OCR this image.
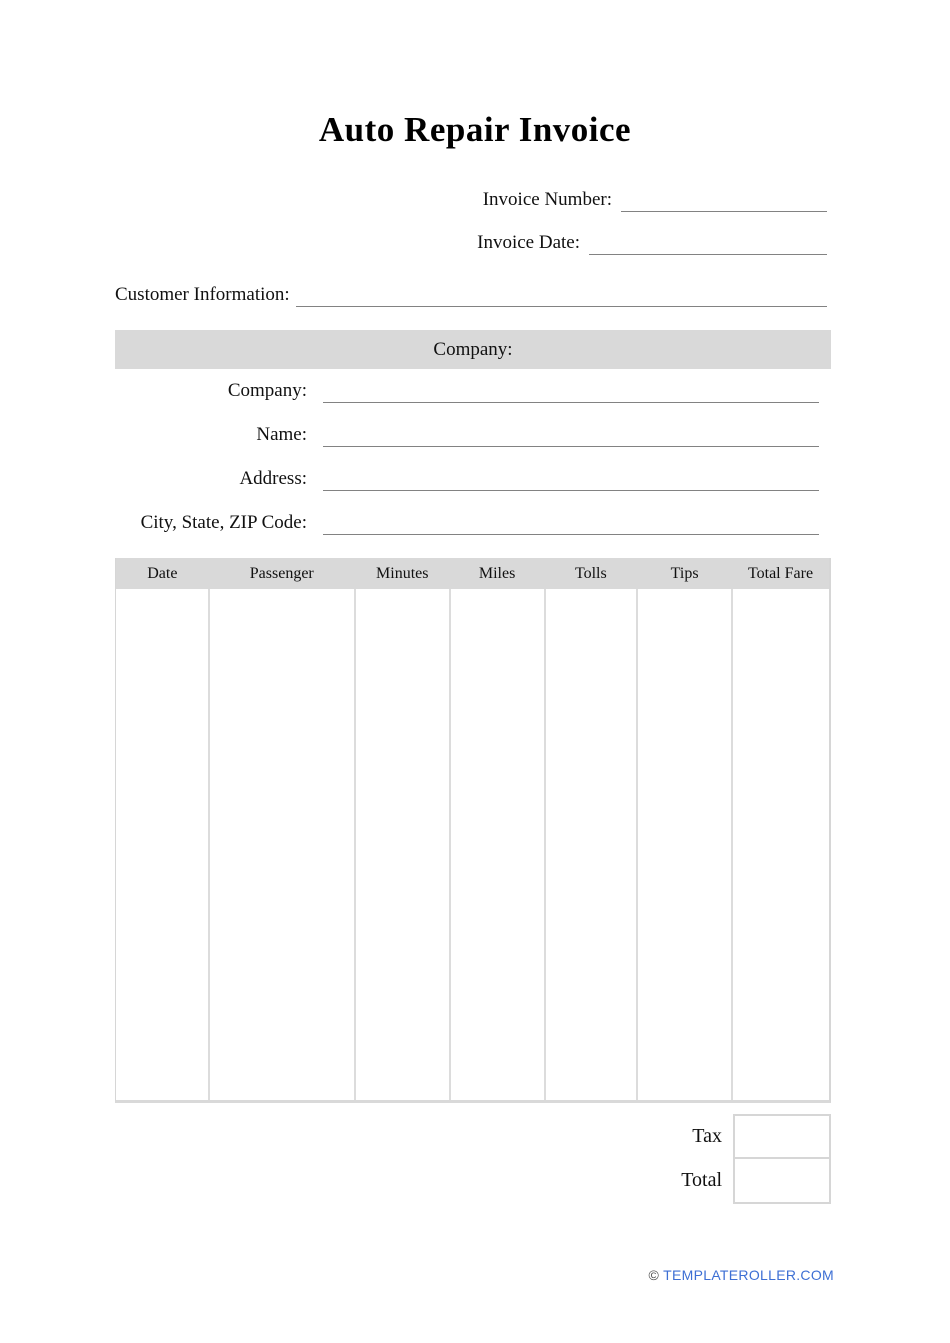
Auto Repair Invoice
Invoice Number:
Invoice Date:
Customer Information:
Company:
Company:
Name:
Address:
City, State, ZIP Code:
Date	Passenger	Minutes	Miles	Tolls	Tips	Total Fare

Tax
Total
© TEMPLATEROLLER.COM
